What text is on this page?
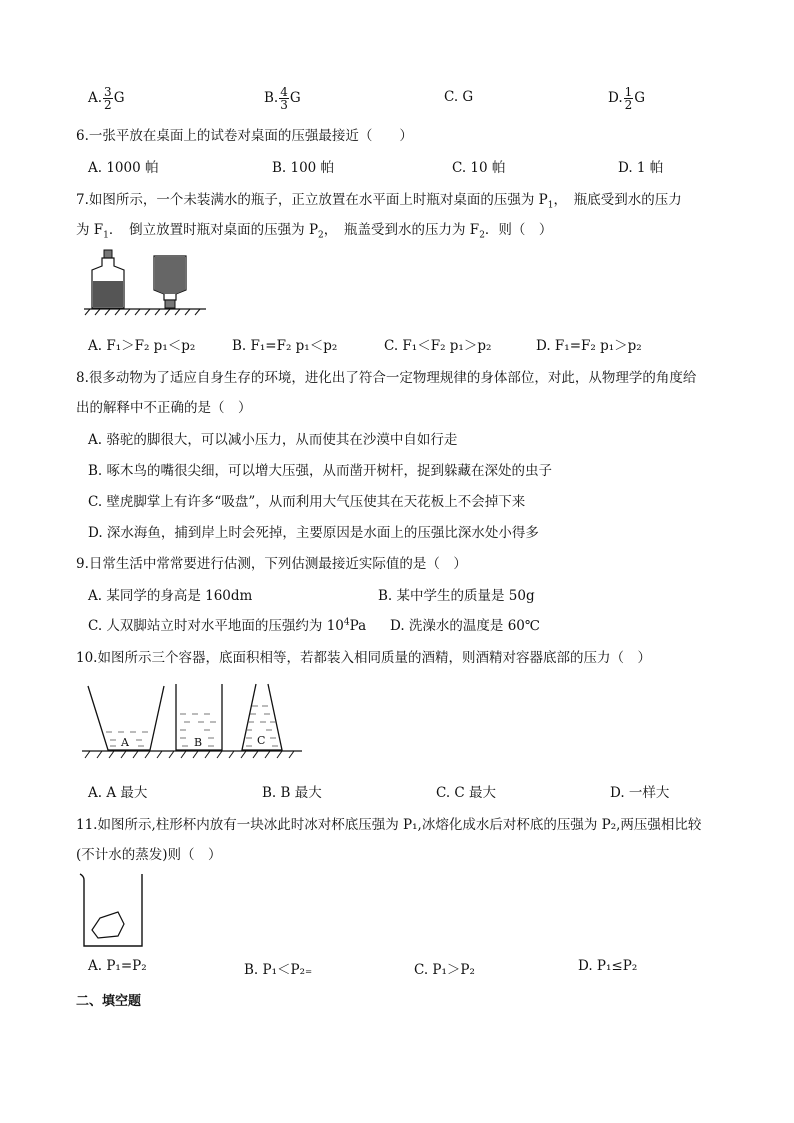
A. $\frac{3}{2}$ G	B. $\frac{4}{3}$ G	C. G	D. $\frac{1}{2}$ G
6.一张平放在桌面上的试卷对桌面的压强最接近（　　）
A. 1000 帕	B. 100 帕	C. 10 帕	D. 1 帕
7.如图所示，一个未装满水的瓶子，正立放置在水平面上时瓶对桌面的压强为 $P_1$，　瓶底受到水的压力
为 $F_1$．　倒立放置时瓶对桌面的压强为 $P_2$，　瓶盖受到水的压力为 $F_2$．则（　）
A. F₁＞F₂ p₁＜p₂	B. F₁=F₂ p₁＜p₂	C. F₁＜F₂ p₁＞p₂	D. F₁=F₂ p₁＞p₂
8.很多动物为了适应自身生存的环境，进化出了符合一定物理规律的身体部位，对此，从物理学的角度给
出的解释中不正确的是（　）
A. 骆驼的脚很大，可以减小压力，从而使其在沙漠中自如行走
B. 啄木鸟的嘴很尖细，可以增大压强，从而凿开树杆，捉到躲藏在深处的虫子
C. 壁虎脚掌上有许多“吸盘”，从而利用大气压使其在天花板上不会掉下来
D. 深水海鱼，捕到岸上时会死掉，主要原因是水面上的压强比深水处小得多
9.日常生活中常常要进行估测，下列估测最接近实际值的是（　）
A. 某同学的身高是 160dm	B. 某中学生的质量是 50g
C. 人双脚站立时对水平地面的压强约为 $10^4Pa$ D. 洗澡水的温度是 60℃
10.如图所示三个容器，底面积相等，若都装入相同质量的酒精，则酒精对容器底部的压力（　）
A	B	C
A. A 最大	B. B 最大	C. C 最大	D. 一样大
11.如图所示,柱形杯内放有一块冰此时冰对杯底压强为 P₁,冰熔化成水后对杯底的压强为 P₂,两压强相比较
(不计水的蒸发)则（　）
A. P₁=P₂	B. P₁＜P₂₌	C. P₁＞P₂	D. P₁≤P₂
二、填空题
